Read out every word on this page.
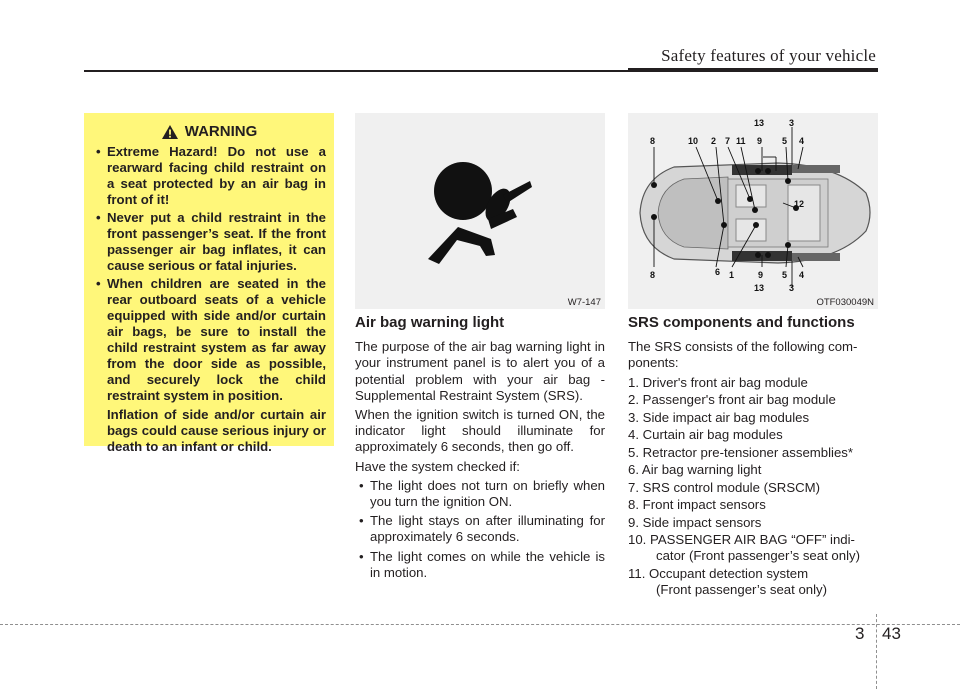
Safety features of your vehicle
WARNING
• Extreme Hazard! Do not use a rearward facing child restraint on a seat protected by an air bag in front of it!

• Never put a child restraint in the front passenger’s seat. If the front passenger air bag inflates, it can cause serious or fatal injuries.

• When children are seated in the rear outboard seats of a vehicle equipped with side and/or curtain air bags, be sure to install the child restraint system as far away from the door side as possible, and securely lock the child restraint system in position.

Inflation of side and/or curtain air bags could cause serious injury or death to an infant or child.

W7-147
13	3
8	10 2 7 11 9 5 4
12
8	6 1	9 5 4
13	3
OTF030049N
Air bag warning light

The purpose of the air bag warning light in your instrument panel is to alert you of a potential problem with your air bag - Supplemental Restraint System (SRS).

When the ignition switch is turned ON, the indicator light should illuminate for approximately 6 seconds, then go off.

Have the system checked if:

• The light does not turn on briefly when you turn the ignition ON.
• The light stays on after illuminating for approximately 6 seconds.
• The light comes on while the vehicle is in motion.
SRS components and functions

The SRS consists of the following com-ponents:

1. Driver's front air bag module
2. Passenger's front air bag module
3. Side impact air bag modules
4. Curtain air bag modules
5. Retractor pre-tensioner assemblies*
6. Air bag warning light
7. SRS control module (SRSCM)
8. Front impact sensors
9. Side impact sensors
10. PASSENGER AIR BAG “OFF” indi-
cator (Front passenger’s seat only)
11. Occupant detection system
(Front passenger’s seat only)
3 43
